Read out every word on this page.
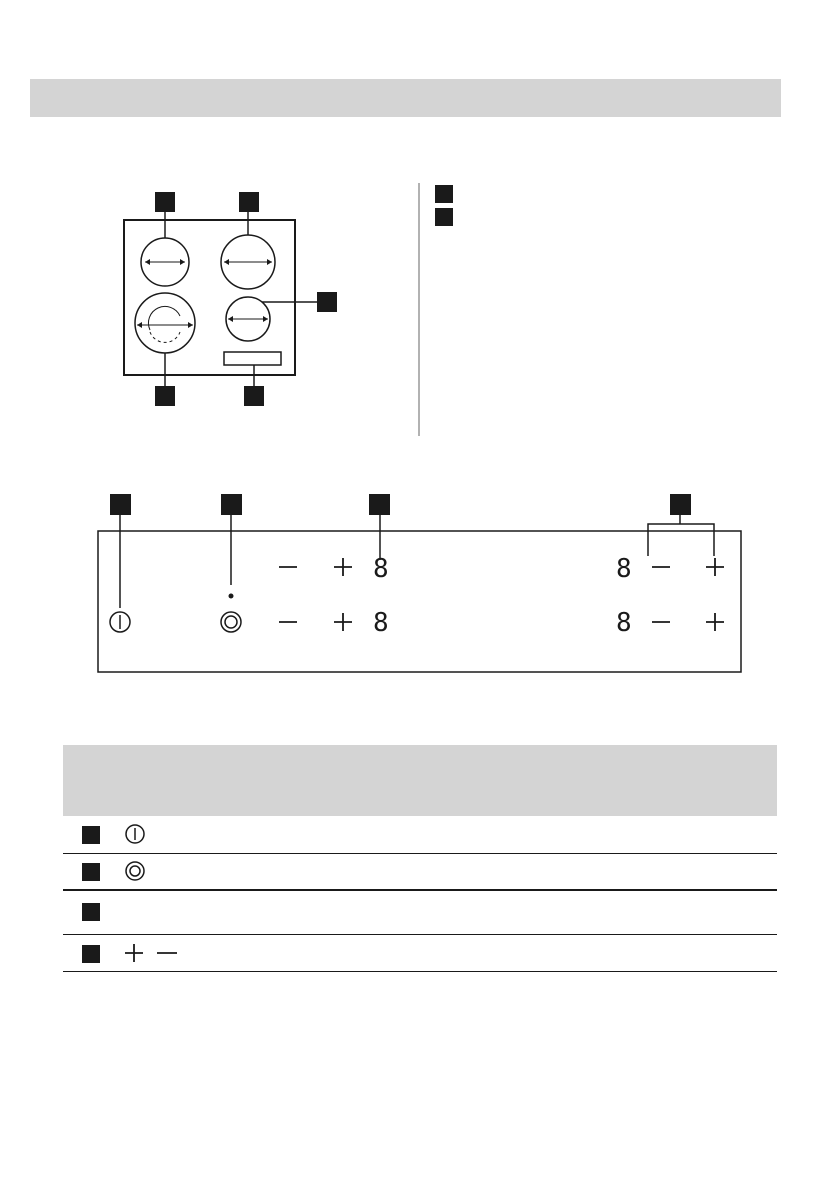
8
8
8
8
